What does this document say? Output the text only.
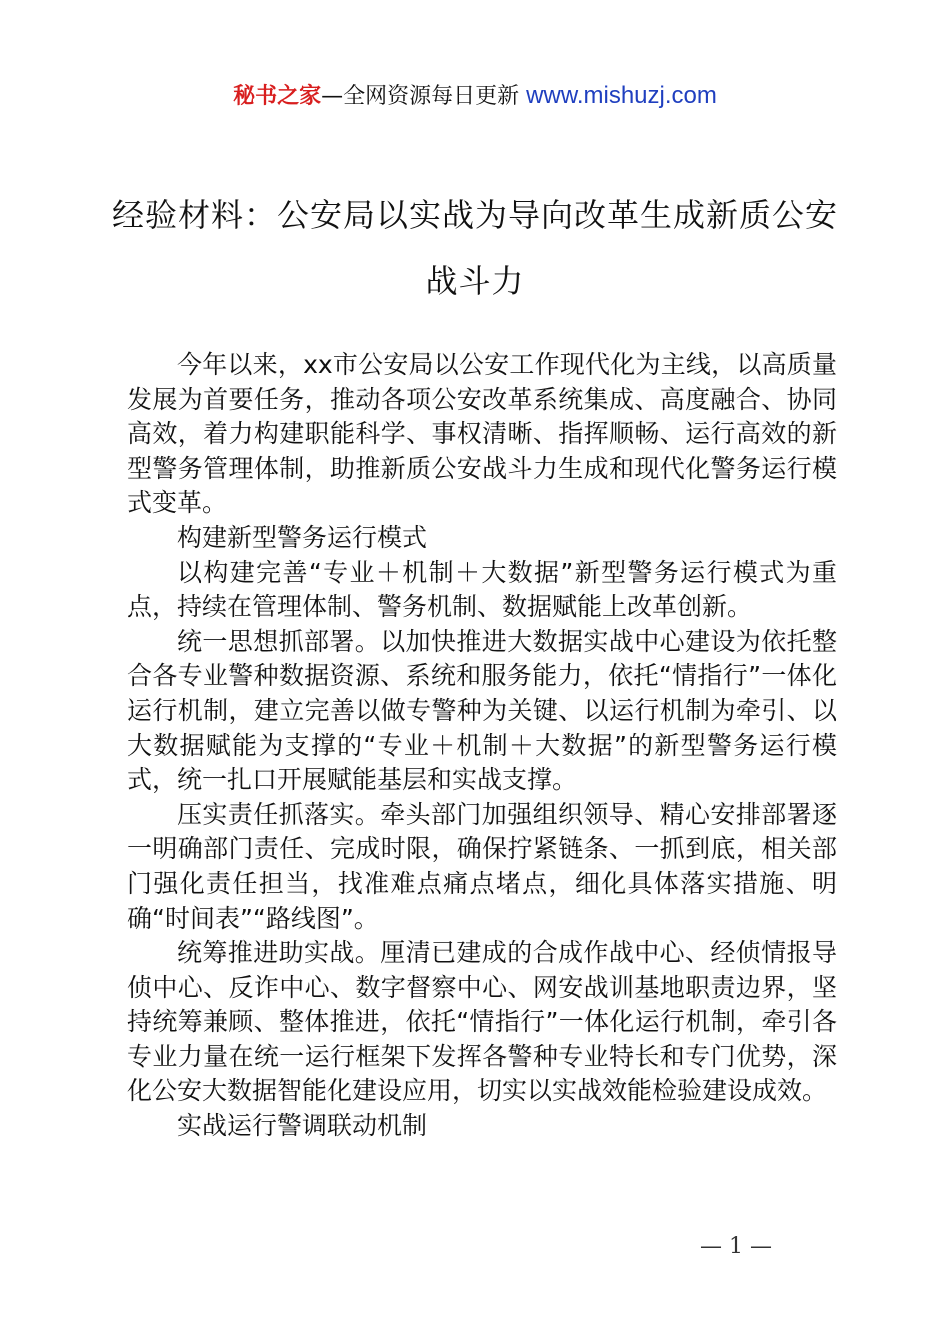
秘书之家—全网资源每日更新 www.mishuzj.com
经验材料：公安局以实战为导向改革生成新质公安战斗力

今年以来，xx市公安局以公安工作现代化为主线，以高质量发展为首要任务，推动各项公安改革系统集成、高度融合、协同高效，着力构建职能科学、事权清晰、指挥顺畅、运行高效的新型警务管理体制，助推新质公安战斗力生成和现代化警务运行模式变革。

构建新型警务运行模式

以构建完善“专业＋机制＋大数据”新型警务运行模式为重点，持续在管理体制、警务机制、数据赋能上改革创新。

统一思想抓部署。以加快推进大数据实战中心建设为依托整合各专业警种数据资源、系统和服务能力，依托“情指行”一体化运行机制，建立完善以做专警种为关键、以运行机制为牵引、以大数据赋能为支撑的“专业＋机制＋大数据”的新型警务运行模式，统一扎口开展赋能基层和实战支撑。

压实责任抓落实。牵头部门加强组织领导、精心安排部署逐一明确部门责任、完成时限，确保拧紧链条、一抓到底，相关部门强化责任担当，找准难点痛点堵点，细化具体落实措施、明确“时间表”“路线图”。

统筹推进助实战。厘清已建成的合成作战中心、经侦情报导侦中心、反诈中心、数字督察中心、网安战训基地职责边界，坚持统筹兼顾、整体推进，依托“情指行”一体化运行机制，牵引各专业力量在统一运行框架下发挥各警种专业特长和专门优势，深化公安大数据智能化建设应用，切实以实战效能检验建设成效。

实战运行警调联动机制

— 1 —
